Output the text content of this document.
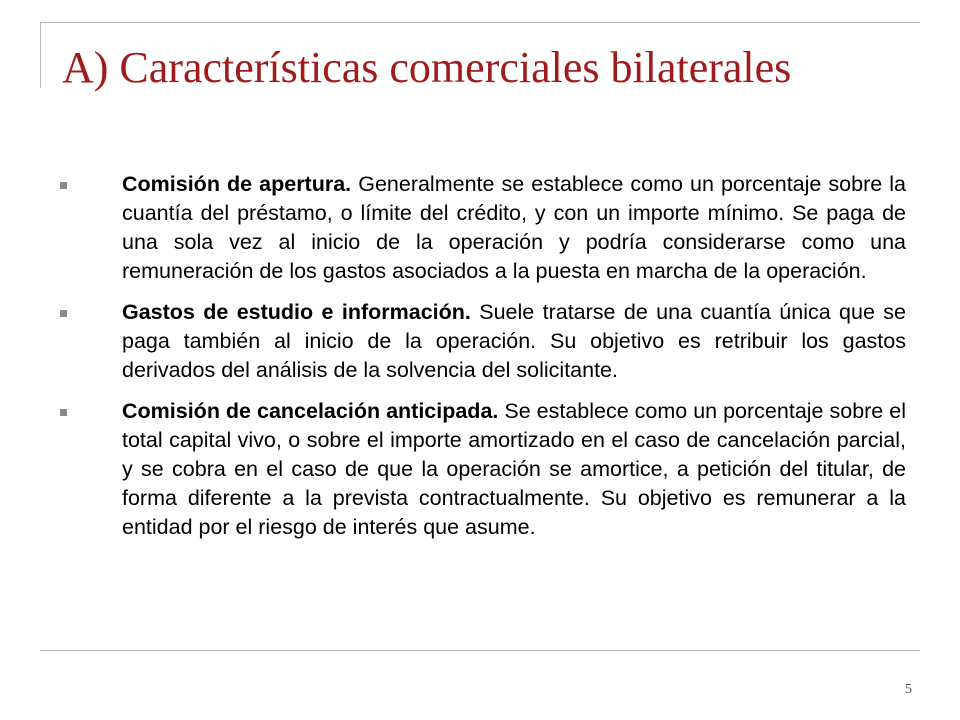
A) Características comerciales bilaterales
Comisión de apertura. Generalmente se establece como un porcentaje sobre la cuantía del préstamo, o límite del crédito, y con un importe mínimo. Se paga de una sola vez al inicio de la operación y podría considerarse como una remuneración de los gastos asociados a la puesta en marcha de la operación.
Gastos de estudio e información. Suele tratarse de una cuantía única que se paga también al inicio de la operación. Su objetivo es retribuir los gastos derivados del análisis de la solvencia del solicitante.
Comisión de cancelación anticipada. Se establece como un porcentaje sobre el total capital vivo, o sobre el importe amortizado en el caso de cancelación parcial, y se cobra en el caso de que la operación se amortice, a petición del titular, de forma diferente a la prevista contractualmente. Su objetivo es remunerar a la entidad por el riesgo de interés que asume.
5
